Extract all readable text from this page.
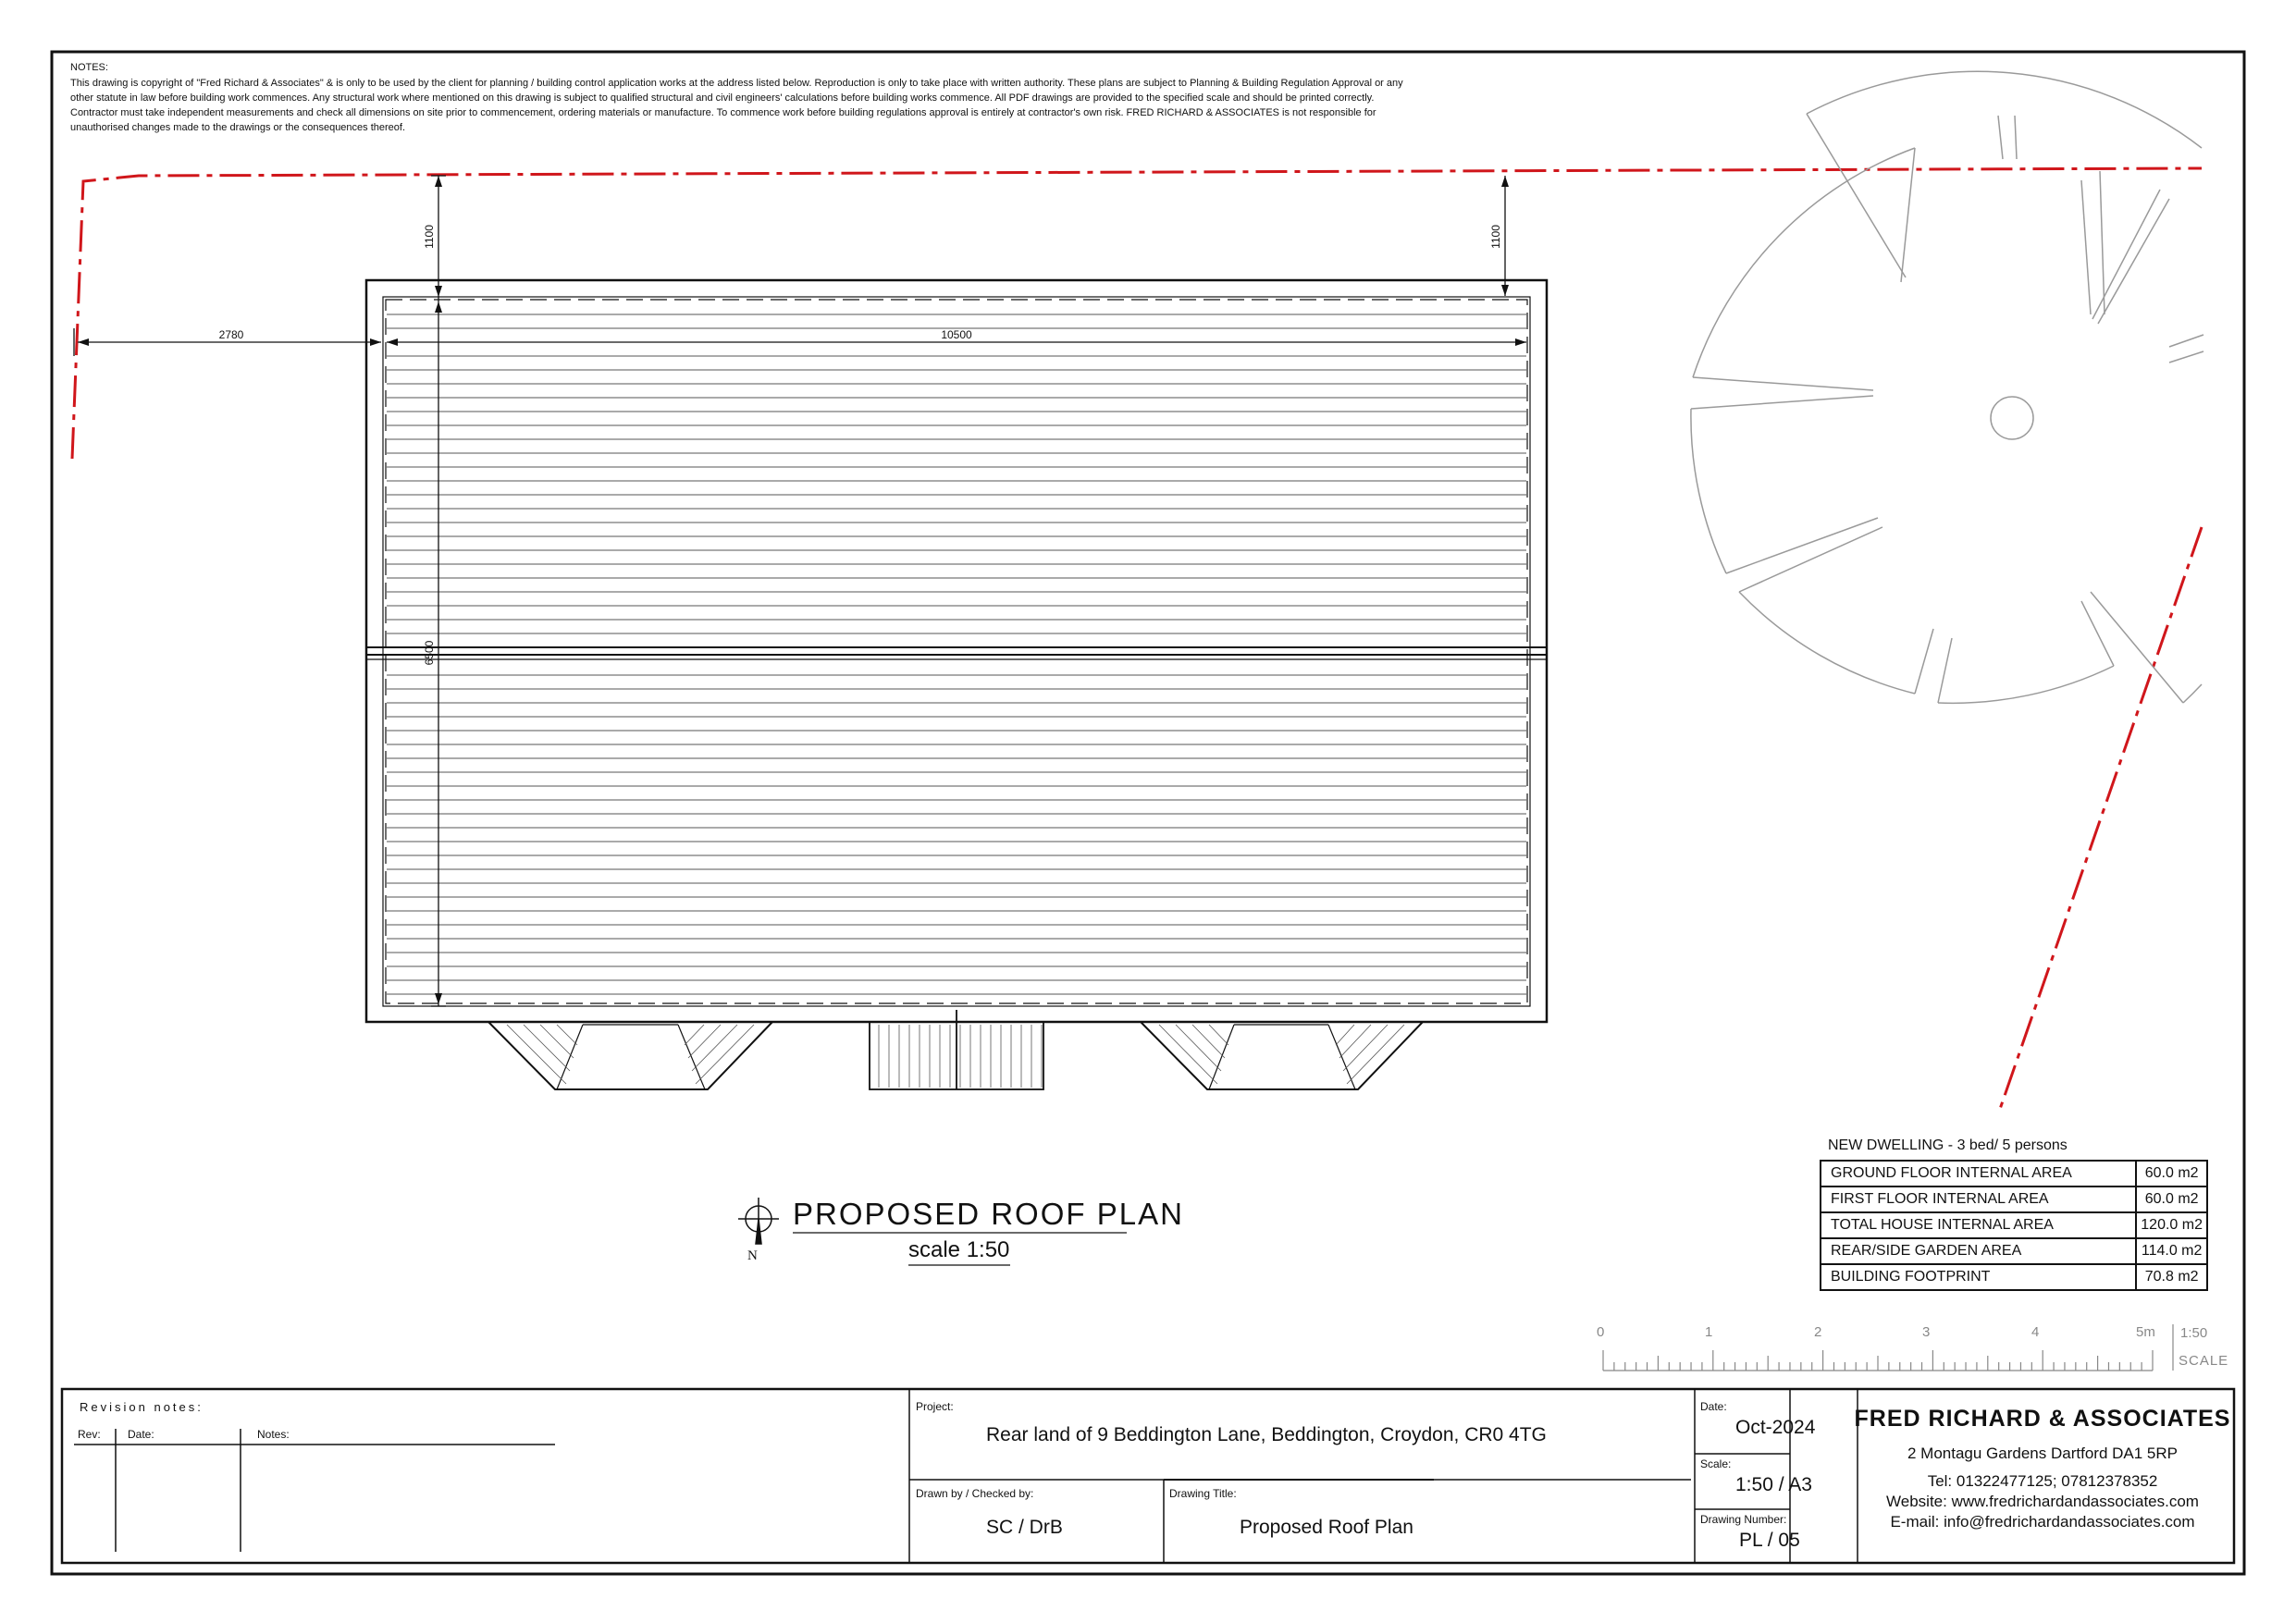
1100	1100
2780	10500
6500
N
NOTES:
This drawing is copyright of "Fred Richard & Associates" & is only to be used by the client for planning / building control application works at the address listed below. Reproduction is only to take place with written authority. These plans are subject to Planning & Building Regulation Approval or any other statute in law before building work commences. Any structural work where mentioned on this drawing is subject to qualified structural and civil engineers' calculations before building works commence. All PDF drawings are provided to the specified scale and should be printed correctly. Contractor must take independent measurements and check all dimensions on site prior to commencement, ordering materials or manufacture. To commence work before building regulations approval is entirely at contractor's own risk. FRED RICHARD & ASSOCIATES is not responsible for unauthorised changes made to the drawings or the consequences thereof.
PROPOSED ROOF PLAN
scale 1:50
NEW DWELLING - 3 bed/ 5 persons
GROUND FLOOR INTERNAL AREA	60.0 m2
FIRST FLOOR INTERNAL AREA	60.0 m2
TOTAL HOUSE INTERNAL AREA	120.0 m2
REAR/SIDE GARDEN AREA	114.0 m2
BUILDING FOOTPRINT	70.8 m2
0	1	2	3	4	5m 1:50
SCALE
Revision notes:
Rev: Date:	Notes:
Project:
Rear land of 9 Beddington Lane, Beddington, Croydon, CR0 4TG
Drawn by / Checked by:
SC / DrB
Drawing Title:
Proposed Roof Plan
Date:
Oct-2024
Scale:
1:50 / A3
Drawing Number:
PL / 05
FRED RICHARD & ASSOCIATES
2 Montagu Gardens Dartford DA1 5RP
Tel: 01322477125; 07812378352
Website: www.fredrichardandassociates.com
E-mail: info@fredrichardandassociates.com
